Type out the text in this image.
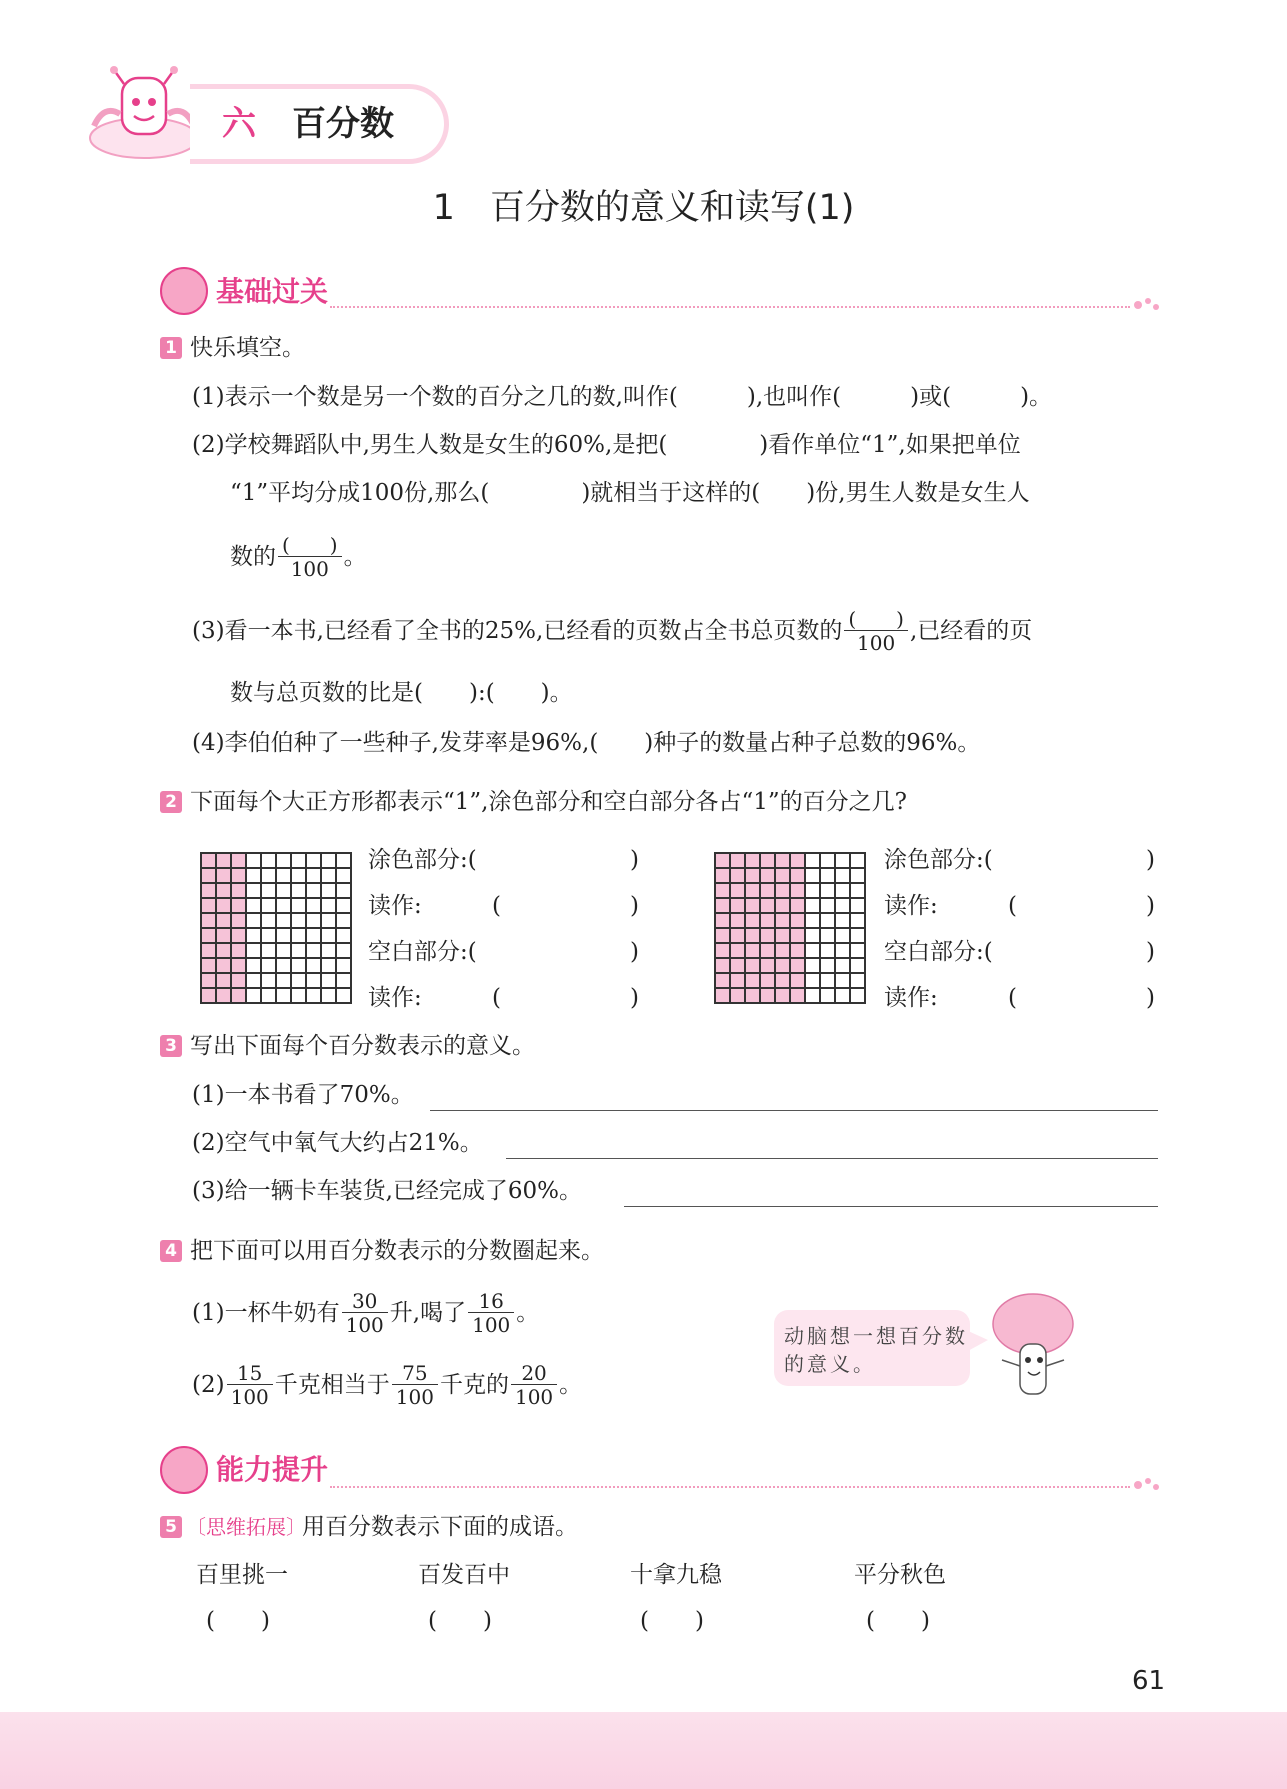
六 百分数
1　百分数的意义和读写(1)
基础过关
1 快乐填空。
(1)表示一个数是另一个数的百分之几的数,叫作(　　　),也叫作(　　　)或(　　　)。
(2)学校舞蹈队中,男生人数是女生的60%,是把(　　　　)看作单位“1”,如果把单位
“1”平均分成100份,那么(　　　　)就相当于这样的(　　)份,男生人数是女生人
数的 $\frac{( )}{100}$ 。
(3)看一本书,已经看了全书的25%,已经看的页数占全书总页数的 $\frac{( )}{100}$ ,已经看的页
数与总页数的比是(　　):(　　)。
(4)李伯伯种了一些种子,发芽率是96%,(　　)种子的数量占种子总数的96%。
2 下面每个大正方形都表示“1”,涂色部分和空白部分各占“1”的百分之几?
涂色部分:(	)
读作:	(	)
空白部分:(	)
读作:	(	)
涂色部分:(	)
读作:	(	)
空白部分:(	)
读作:	(	)
3 写出下面每个百分数表示的意义。
(1)一本书看了70%。
(2)空气中氧气大约占21%。
(3)给一辆卡车装货,已经完成了60%。
4 把下面可以用百分数表示的分数圈起来。
(1)一杯牛奶有 $\frac{30}{100}$ 升,喝了 $\frac{16}{100}$ 。
$(2) \frac{15}{100}$ 千克相当于 $\frac{75}{100}$ 千克的 $\frac{20}{100}$ 。
动脑想一想百分数的意义。
能力提升
5 〔思维拓展〕
用百分数表示下面的成语。
百里挑一	百发百中	十拿九稳	平分秋色
(　　)	(　　)	(　　)	(　　)
61
